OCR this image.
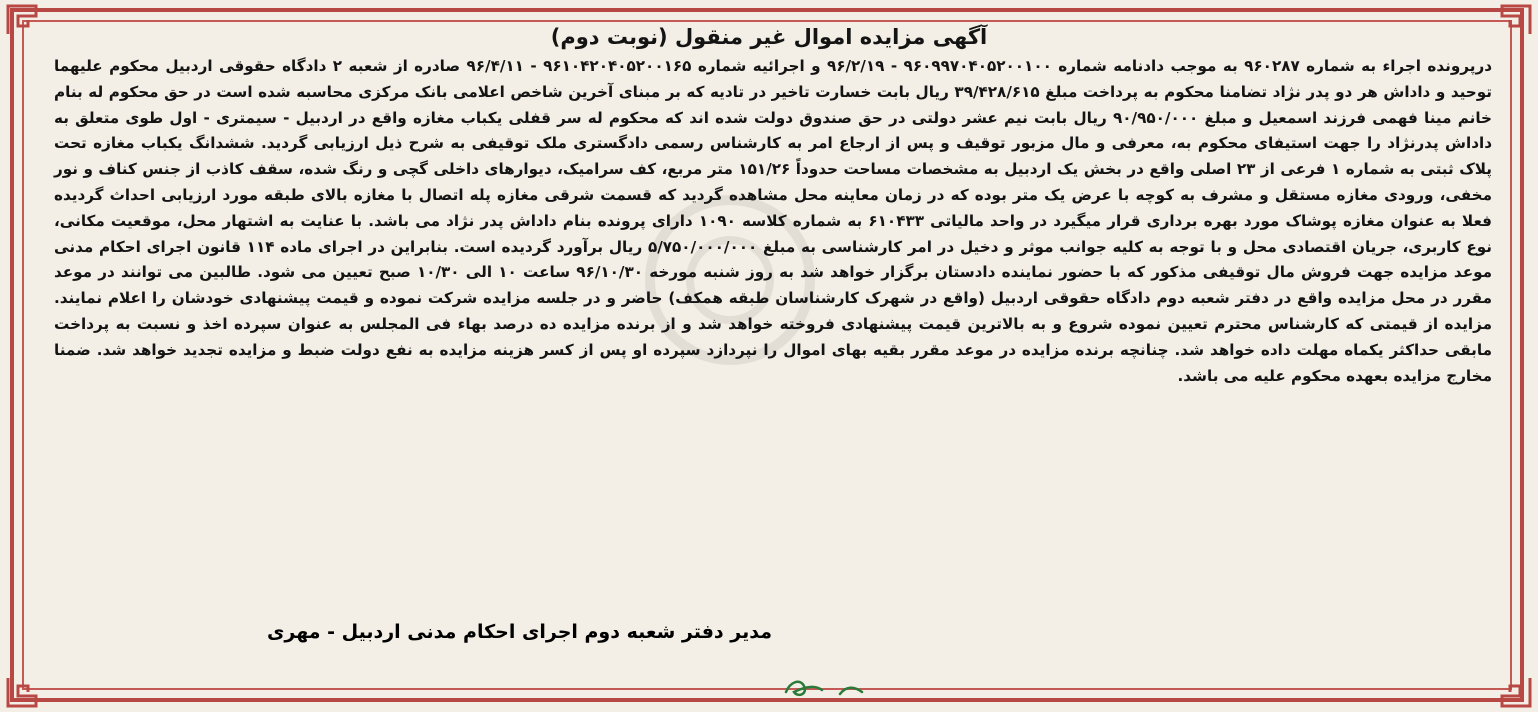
آگهی مزایده اموال غیر منقول (نوبت دوم)

درپرونده اجراء به شماره ۹۶۰۲۸۷ به موجب دادنامه شماره ۹۶۰۹۹۷۰۴۰۵۲۰۰۱۰۰ - ۹۶/۲/۱۹ و اجرائیه شماره ۹۶۱۰۴۲۰۴۰۵۲۰۰۱۶۵ - ۹۶/۴/۱۱ صادره از شعبه ۲ دادگاه حقوقی اردبیل محکوم علیهما توحید و داداش هر دو پدر نژاد تضامنا محکوم به پرداخت مبلغ ۳۹/۴۲۸/۶۱۵ ریال بابت خسارت تاخیر در تادیه که بر مبنای آخرین شاخص اعلامی بانک مرکزی محاسبه شده است در حق محکوم له بنام خانم مینا فهمی فرزند اسمعیل و مبلغ ۹۰/۹۵۰/۰۰۰ ریال بابت نیم عشر دولتی در حق صندوق دولت شده اند که محکوم له سر قفلی یکباب مغازه واقع در اردبیل - سیمتری - اول طوی متعلق به داداش پدرنژاد را جهت استیفای محکوم به، معرفی و مال مزبور توقیف و پس از ارجاع امر به کارشناس رسمی دادگستری ملک توقیفی به شرح ذیل ارزیابی گردید. ششدانگ یکباب مغازه تحت پلاک ثبتی به شماره ۱ فرعی از ۲۳ اصلی واقع در بخش یک اردبیل به مشخصات مساحت حدوداً ۱۵۱/۲۶ متر مربع، کف سرامیک، دیوارهای داخلی گچی و رنگ شده، سقف کاذب از جنس کناف و نور مخفی، ورودی مغازه مستقل و مشرف به کوچه با عرض یک متر بوده که در زمان معاینه محل مشاهده گردید که قسمت شرقی مغازه پله اتصال با مغازه بالای طبقه مورد ارزیابی احداث گردیده فعلا به عنوان مغازه پوشاک مورد بهره برداری قرار میگیرد در واحد مالیاتی ۶۱۰۴۳۳ به شماره کلاسه ۱۰۹۰ دارای پرونده بنام داداش پدر نژاد می باشد. با عنایت به اشتهار محل، موقعیت مکانی، نوع کاربری، جریان اقتصادی محل و با توجه به کلیه جوانب موثر و دخیل در امر کارشناسی به مبلغ ۵/۷۵۰/۰۰۰/۰۰۰ ریال برآورد گردیده است. بنابراین در اجرای ماده ۱۱۴ قانون اجرای احکام مدنی موعد مزایده جهت فروش مال توقیفی مذکور که با حضور نماینده دادستان برگزار خواهد شد به روز شنبه مورخه ۹۶/۱۰/۳۰ ساعت ۱۰ الی ۱۰/۳۰ صبح تعیین می شود. طالبین می توانند در موعد مقرر در محل مزایده واقع در دفتر شعبه دوم دادگاه حقوقی اردبیل (واقع در شهرک کارشناسان طبقه همکف) حاضر و در جلسه مزایده شرکت نموده و قیمت پیشنهادی خودشان را اعلام نمایند. مزایده از قیمتی که کارشناس محترم تعیین نموده شروع و به بالاترین قیمت پیشنهادی فروخته خواهد شد و از برنده مزایده ده درصد بهاء فی المجلس به عنوان سپرده اخذ و نسبت به پرداخت مابقی حداکثر یکماه مهلت داده خواهد شد. چنانچه برنده مزایده در موعد مقرر بقیه بهای اموال را نپردازد سپرده او پس از کسر هزینه مزایده به نفع دولت ضبط و مزایده تجدید خواهد شد. ضمنا مخارج مزایده بعهده محکوم علیه می باشد.

مدیر دفتر شعبه دوم اجرای احکام مدنی اردبیل - مهری
